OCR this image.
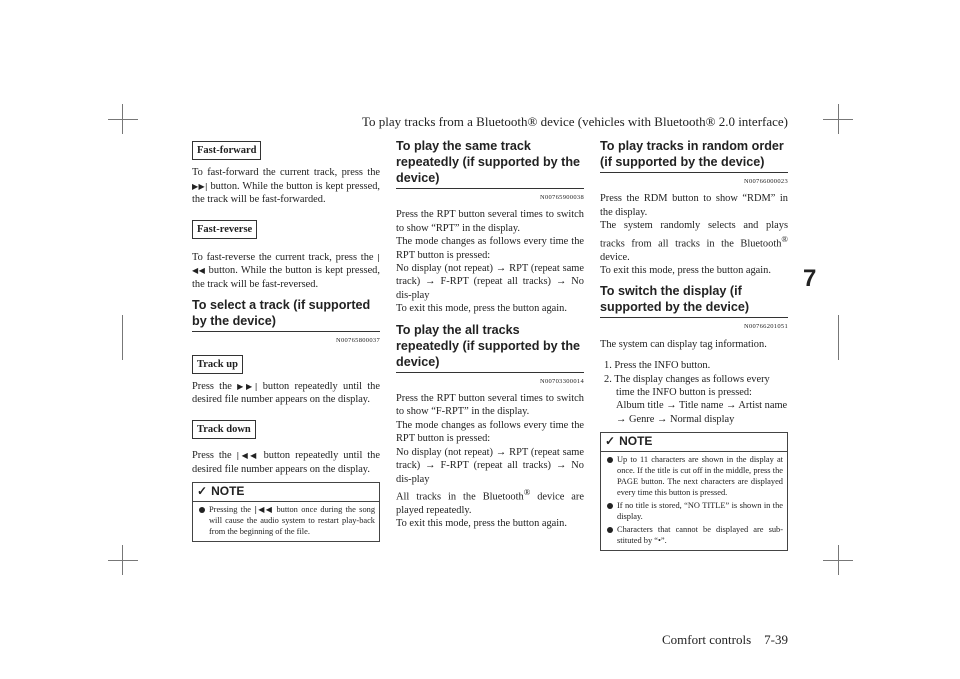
To play tracks from a Bluetooth® device (vehicles with Bluetooth® 2.0 interface)
7
Comfort controls 7-39
Fast-forward

To fast-forward the current track, press the ▶▶| button. While the button is kept pressed, the track will be fast-forwarded.

Fast-reverse

To fast-reverse the current track, press the |◀◀ button. While the button is kept pressed, the track will be fast-reversed.

To select a track (if supported by the device)
N00765800037
Track up

Press the ▶▶| button repeatedly until the desired file number appears on the display.

Track down

Press the |◀◀ button repeatedly until the desired file number appears on the display.

✓ NOTE
Pressing the |◀◀ button once during the song will cause the audio system to restart play-back from the beginning of the file.
To play the same track repeatedly (if supported by the device)
N00765900038

Press the RPT button several times to switch to show “RPT” in the display.

The mode changes as follows every time the RPT button is pressed:

No display (not repeat) → RPT (repeat same track) → F-RPT (repeat all tracks) → No dis-play

To exit this mode, press the button again.

To play the all tracks repeatedly (if supported by the device)
N00703300014

Press the RPT button several times to switch to show “F-RPT” in the display.

The mode changes as follows every time the RPT button is pressed:

No display (not repeat) → RPT (repeat same track) → F-RPT (repeat all tracks) → No dis-play

All tracks in the Bluetooth® device are played repeatedly.

To exit this mode, press the button again.

To play tracks in random order (if supported by the device)
N00766000023

Press the RDM button to show “RDM” in the display.

The system randomly selects and plays tracks from all tracks in the Bluetooth® device.

To exit this mode, press the button again.

To switch the display (if supported by the device)
N00766201051

The system can display tag information.

1. Press the INFO button.
2. The display changes as follows every time the INFO button is pressed:
Album title → Title name → Artist name → Genre → Normal display
✓ NOTE
Up to 11 characters are shown in the display at once. If the title is cut off in the middle, press the PAGE button. The next characters are displayed every time this button is pressed.
If no title is stored, “NO TITLE” is shown in the display.
Characters that cannot be displayed are sub-stituted by “•”.
